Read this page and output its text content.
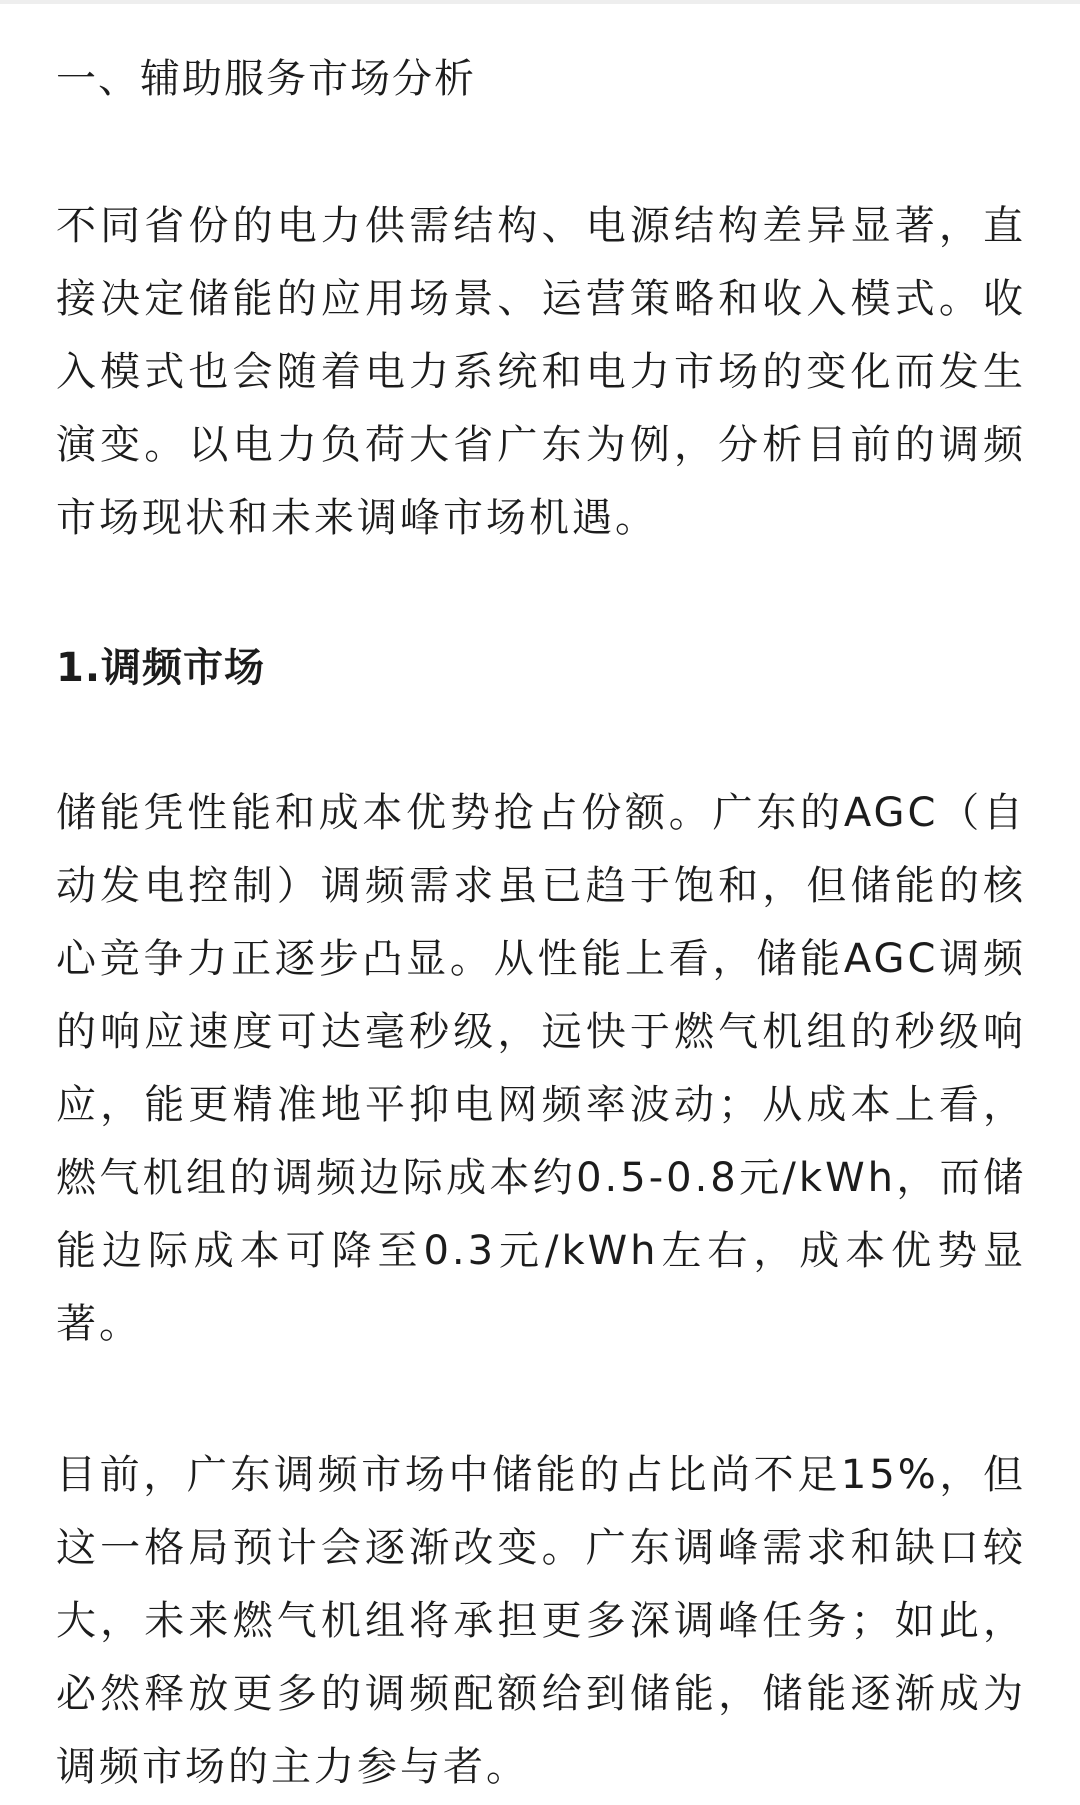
一、辅助服务市场分析

不同省份的电力供需结构、电源结构差异显著，直接决定储能的应用场景、运营策略和收入模式。收入模式也会随着电力系统和电力市场的变化而发生演变。以电力负荷大省广东为例，分析目前的调频市场现状和未来调峰市场机遇。

1.调频市场

储能凭性能和成本优势抢占份额。广东的AGC（自动发电控制）调频需求虽已趋于饱和，但储能的核心竞争力正逐步凸显。从性能上看，储能AGC调频的响应速度可达毫秒级，远快于燃气机组的秒级响应，能更精准地平抑电网频率波动；从成本上看，燃气机组的调频边际成本约0.5-0.8元/kWh，而储能边际成本可降至0.3元/kWh左右，成本优势显著。

目前，广东调频市场中储能的占比尚不足15%，但这一格局预计会逐渐改变。广东调峰需求和缺口较大，未来燃气机组将承担更多深调峰任务；如此，必然释放更多的调频配额给到储能，储能逐渐成为调频市场的主力参与者。
